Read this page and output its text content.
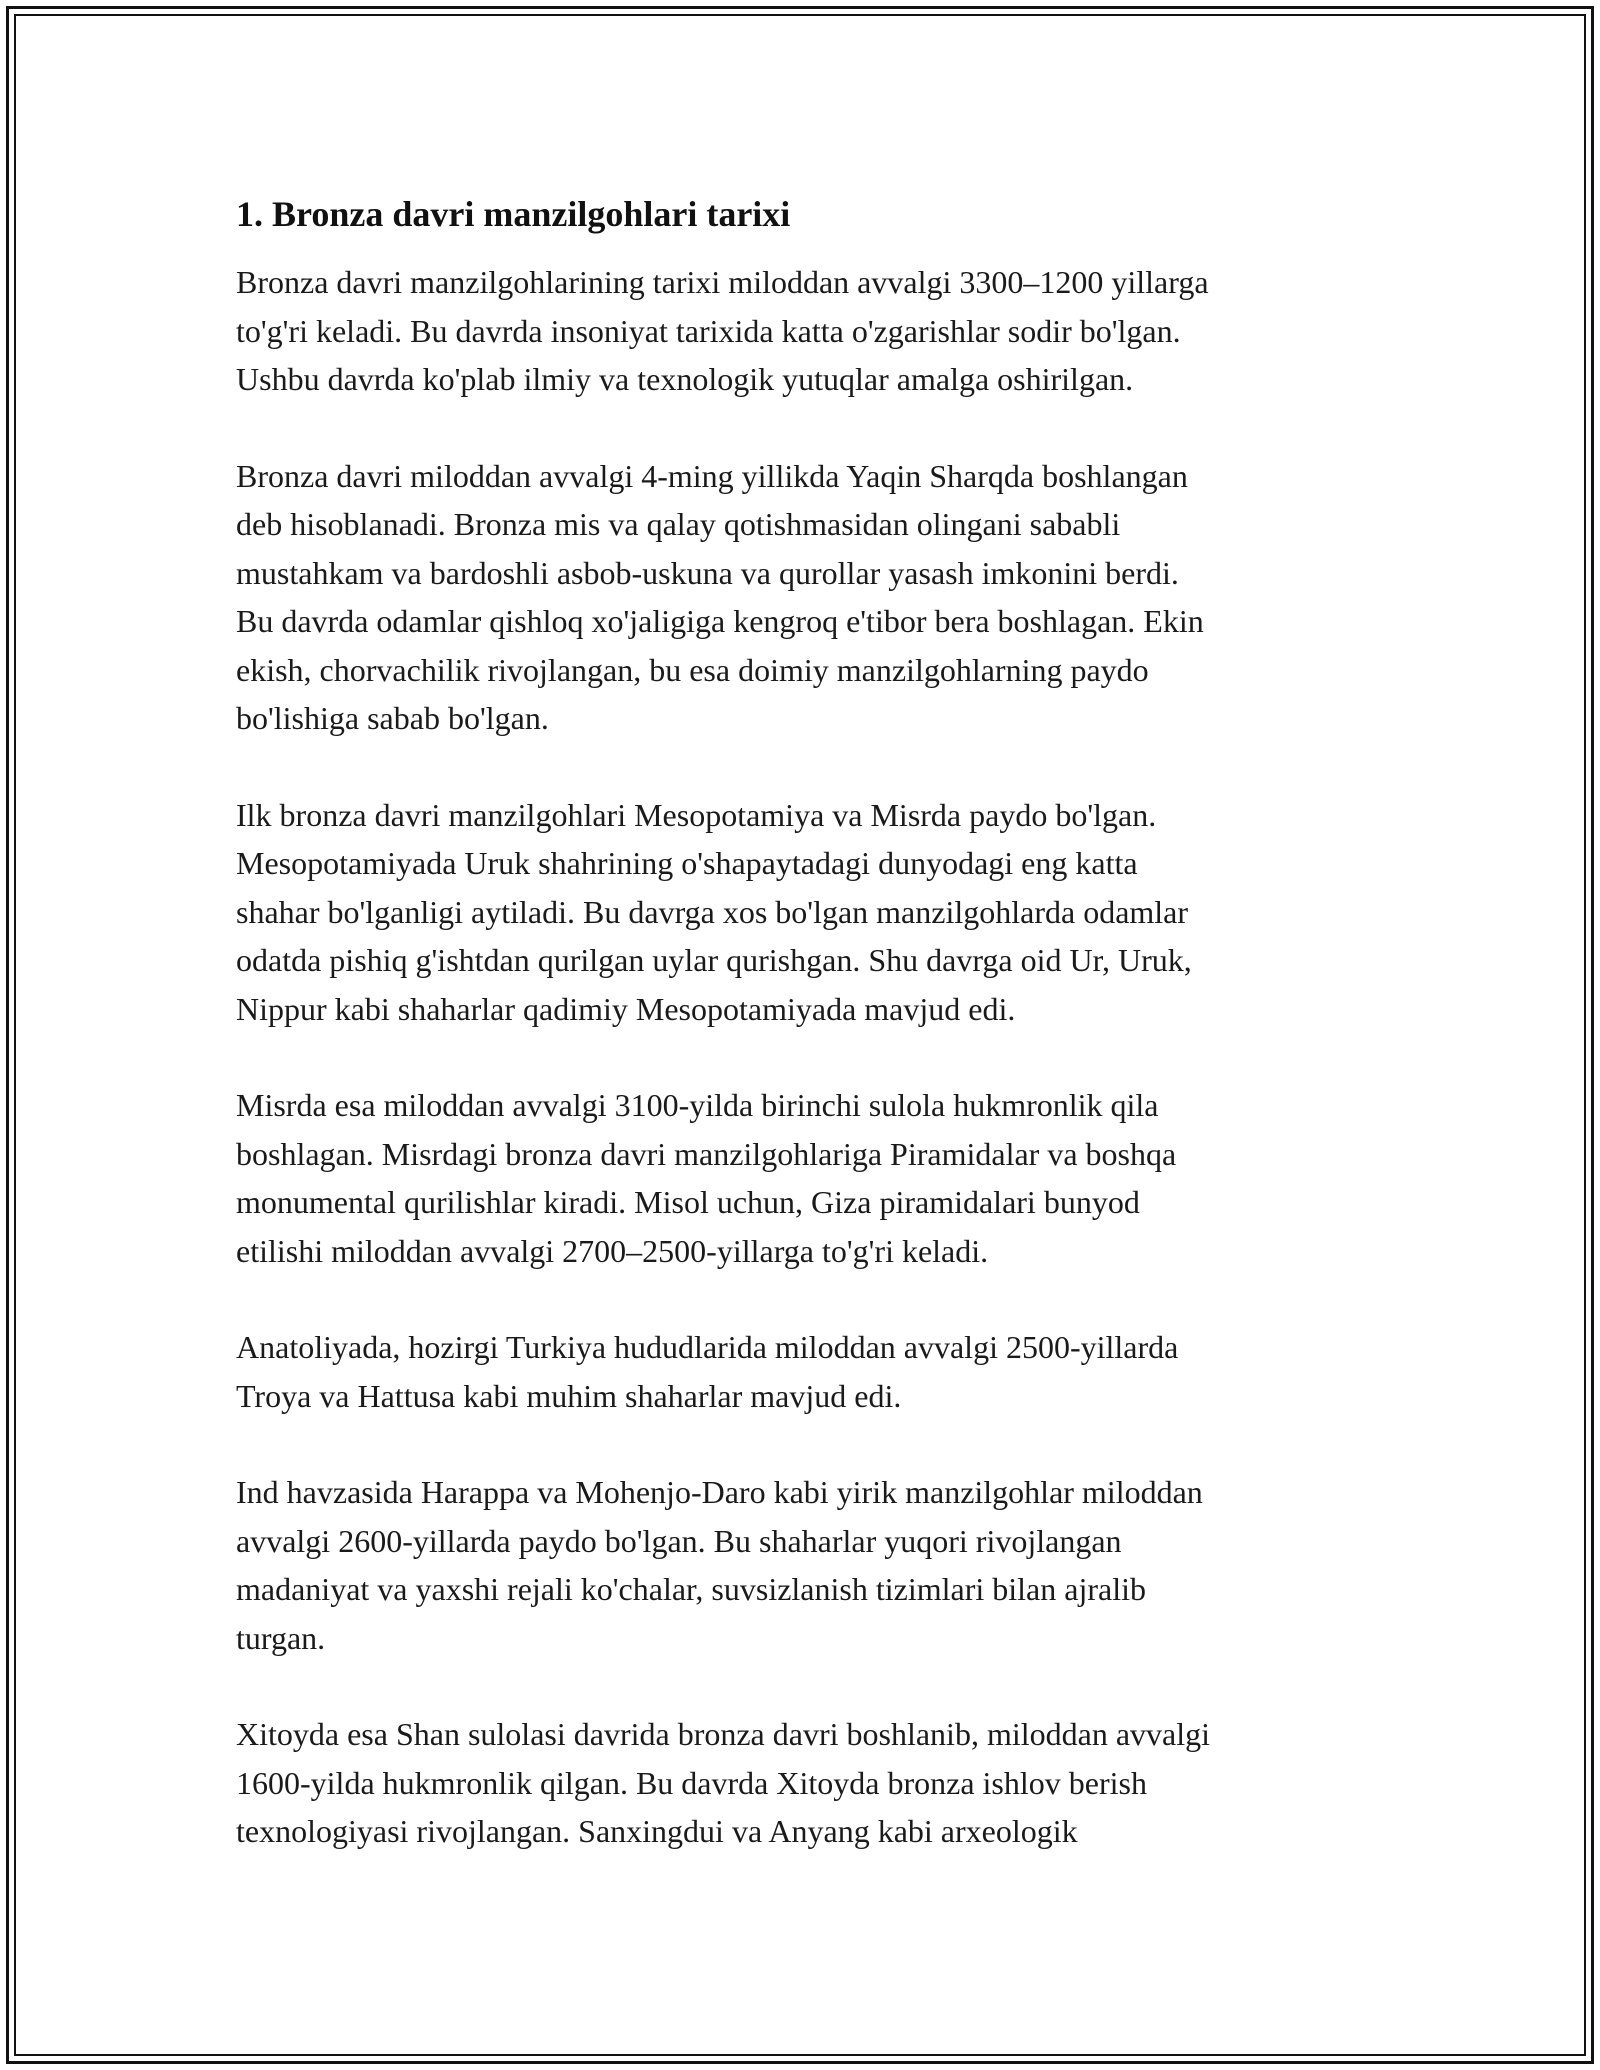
1. Bronza davri manzilgohlari tarixi

Bronza davri manzilgohlarining tarixi miloddan avvalgi 3300–1200 yillarga
to'g'ri keladi. Bu davrda insoniyat tarixida katta o'zgarishlar sodir bo'lgan.
Ushbu davrda ko'plab ilmiy va texnologik yutuqlar amalga oshirilgan.

Bronza davri miloddan avvalgi 4-ming yillikda Yaqin Sharqda boshlangan
deb hisoblanadi. Bronza mis va qalay qotishmasidan olingani sababli
mustahkam va bardoshli asbob-uskuna va qurollar yasash imkonini berdi.
Bu davrda odamlar qishloq xo'jaligiga kengroq e'tibor bera boshlagan. Ekin
ekish, chorvachilik rivojlangan, bu esa doimiy manzilgohlarning paydo
bo'lishiga sabab bo'lgan.

Ilk bronza davri manzilgohlari Mesopotamiya va Misrda paydo bo'lgan.
Mesopotamiyada Uruk shahrining o'shapaytadagi dunyodagi eng katta
shahar bo'lganligi aytiladi. Bu davrga xos bo'lgan manzilgohlarda odamlar
odatda pishiq g'ishtdan qurilgan uylar qurishgan. Shu davrga oid Ur, Uruk,
Nippur kabi shaharlar qadimiy Mesopotamiyada mavjud edi.

Misrda esa miloddan avvalgi 3100-yilda birinchi sulola hukmronlik qila
boshlagan. Misrdagi bronza davri manzilgohlariga Piramidalar va boshqa
monumental qurilishlar kiradi. Misol uchun, Giza piramidalari bunyod
etilishi miloddan avvalgi 2700–2500-yillarga to'g'ri keladi.

Anatoliyada, hozirgi Turkiya hududlarida miloddan avvalgi 2500-yillarda
Troya va Hattusa kabi muhim shaharlar mavjud edi.

Ind havzasida Harappa va Mohenjo-Daro kabi yirik manzilgohlar miloddan
avvalgi 2600-yillarda paydo bo'lgan. Bu shaharlar yuqori rivojlangan
madaniyat va yaxshi rejali ko'chalar, suvsizlanish tizimlari bilan ajralib
turgan.

Xitoyda esa Shan sulolasi davrida bronza davri boshlanib, miloddan avvalgi
1600-yilda hukmronlik qilgan. Bu davrda Xitoyda bronza ishlov berish
texnologiyasi rivojlangan. Sanxingdui va Anyang kabi arxeologik
